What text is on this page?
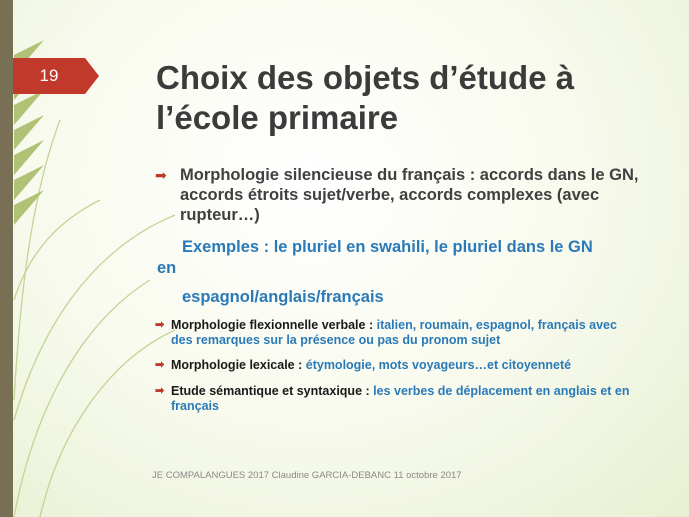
19	Choix des objets d’étude à
l’école primaire
➡ Morphologie silencieuse du français : accords dans le GN, accords étroits sujet/verbe, accords complexes (avec rupteur…)
Exemples : le pluriel en swahili, le pluriel dans le GN
en
espagnol/anglais/français
➡ Morphologie flexionnelle verbale : italien, roumain, espagnol, français avec des remarques sur la présence ou pas du pronom sujet
➡ Morphologie lexicale : étymologie, mots voyageurs…et citoyenneté
➡ Etude sémantique et syntaxique : les verbes de déplacement en anglais et en français
JE COMPALANGUES 2017 Claudine GARCIA-DEBANC 11 octobre 2017
